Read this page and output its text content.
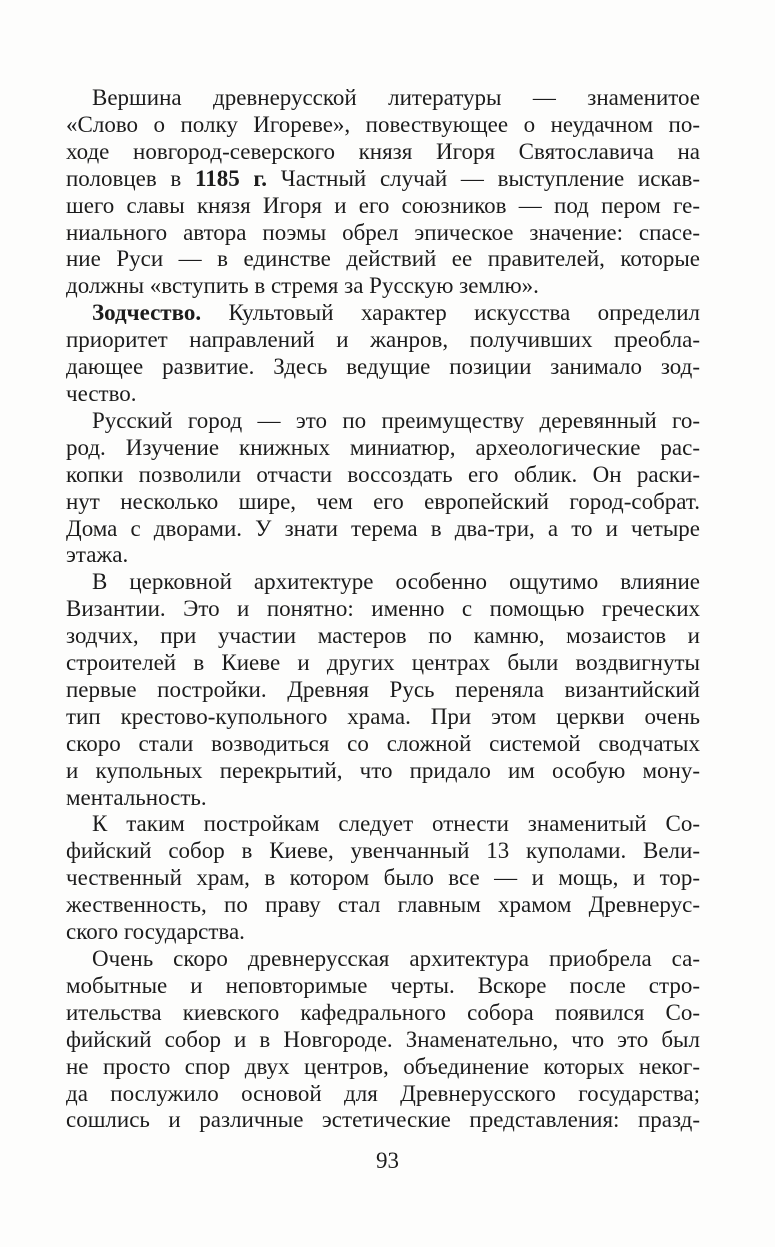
Вершина древнерусской литературы — знаменитое
«Слово о полку Игореве», повествующее о неудачном по-
ходе новгород-северского князя Игоря Святославича на
половцев в 1185 г. Частный случай — выступление искав-
шего славы князя Игоря и его союзников — под пером ге-
ниального автора поэмы обрел эпическое значение: спасе-
ние Руси — в единстве действий ее правителей, которые
должны «вступить в стремя за Русскую землю».
Зодчество. Культовый характер искусства определил
приоритет направлений и жанров, получивших преобла-
дающее развитие. Здесь ведущие позиции занимало зод-
чество.
Русский город — это по преимуществу деревянный го-
род. Изучение книжных миниатюр, археологические рас-
копки позволили отчасти воссоздать его облик. Он раски-
нут несколько шире, чем его европейский город-собрат.
Дома с дворами. У знати терема в два-три, а то и четыре
этажа.
В церковной архитектуре особенно ощутимо влияние
Византии. Это и понятно: именно с помощью греческих
зодчих, при участии мастеров по камню, мозаистов и
строителей в Киеве и других центрах были воздвигнуты
первые постройки. Древняя Русь переняла византийский
тип крестово-купольного храма. При этом церкви очень
скоро стали возводиться со сложной системой сводчатых
и купольных перекрытий, что придало им особую мону-
ментальность.
К таким постройкам следует отнести знаменитый Со-
фийский собор в Киеве, увенчанный 13 куполами. Вели-
чественный храм, в котором было все — и мощь, и тор-
жественность, по праву стал главным храмом Древнерус-
ского государства.
Очень скоро древнерусская архитектура приобрела са-
мобытные и неповторимые черты. Вскоре после стро-
ительства киевского кафедрального собора появился Со-
фийский собор и в Новгороде. Знаменательно, что это был
не просто спор двух центров, объединение которых неког-
да послужило основой для Древнерусского государства;
сошлись и различные эстетические представления: празд-
93
